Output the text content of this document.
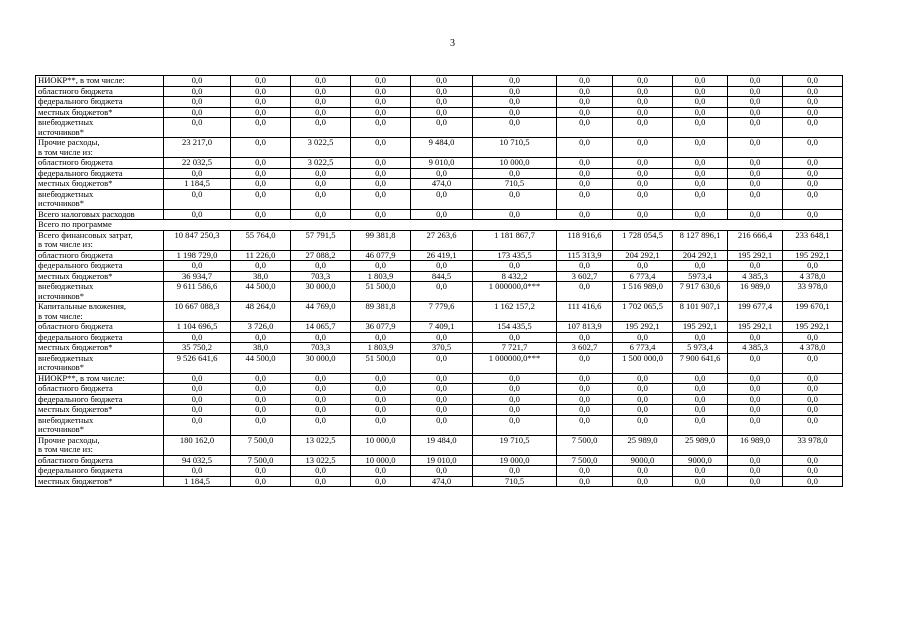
3
НИОКР**, в том числе:	0,0	0,0	0,0	0,0	0,0	0,0	0,0	0,0	0,0	0,0	0,0
областного бюджета	0,0	0,0	0,0	0,0	0,0	0,0	0,0	0,0	0,0	0,0	0,0
федерального бюджета	0,0	0,0	0,0	0,0	0,0	0,0	0,0	0,0	0,0	0,0	0,0
местных бюджетов*	0,0	0,0	0,0	0,0	0,0	0,0	0,0	0,0	0,0	0,0	0,0
внебюджетных
источников*	0,0	0,0	0,0	0,0	0,0	0,0	0,0	0,0	0,0	0,0	0,0
Прочие расходы,
в том числе из:	23 217,0	0,0	3 022,5	0,0	9 484,0	10 710,5	0,0	0,0	0,0	0,0	0,0
областного бюджета	22 032,5	0,0	3 022,5	0,0	9 010,0	10 000,0	0,0	0,0	0,0	0,0	0,0
федерального бюджета	0,0	0,0	0,0	0,0	0,0	0,0	0,0	0,0	0,0	0,0	0,0
местных бюджетов*	1 184,5	0,0	0,0	0,0	474,0	710,5	0,0	0,0	0,0	0,0	0,0
внебюджетных
источников*	0,0	0,0	0,0	0,0	0,0	0,0	0,0	0,0	0,0	0,0	0,0
Всего налоговых расходов	0,0	0,0	0,0	0,0	0,0	0,0	0,0	0,0	0,0	0,0	0,0
Всего по программе											
Всего финансовых затрат,
в том числе из:	10 847 250,3	55 764,0	57 791,5	99 381,8	27 263,6	1 181 867,7	118 916,6	1 728 054,5	8 127 896,1	216 666,4	233 648,1
областного бюджета	1 198 729,0	11 226,0	27 088,2	46 077,9	26 419,1	173 435,5	115 313,9	204 292,1	204 292,1	195 292,1	195 292,1
федерального бюджета	0,0	0,0	0,0	0,0	0,0	0,0	0,0	0,0	0,0	0,0	0,0
местных бюджетов*	36 934,7	38,0	703,3	1 803,9	844,5	8 432,2	3 602,7	6 773,4	5973,4	4 385,3	4 378,0
внебюджетных
источников*	9 611 586,6	44 500,0	30 000,0	51 500,0	0,0	1 000000,0***	0,0	1 516 989,0	7 917 630,6	16 989,0	33 978,0
Капитальные вложения,
в том числе:	10 667 088,3	48 264,0	44 769,0	89 381,8	7 779,6	1 162 157,2	111 416,6	1 702 065,5	8 101 907,1	199 677,4	199 670,1
областного бюджета	1 104 696,5	3 726,0	14 065,7	36 077,9	7 409,1	154 435,5	107 813,9	195 292,1	195 292,1	195 292,1	195 292,1
федерального бюджета	0,0	0,0	0,0	0,0	0,0	0,0	0,0	0,0	0,0	0,0	0,0
местных бюджетов*	35 750,2	38,0	703,3	1 803,9	370,5	7 721,7	3 602,7	6 773,4	5 973,4	4 385,3	4 378,0
внебюджетных
источников*	9 526 641,6	44 500,0	30 000,0	51 500,0	0,0	1 000000,0***	0,0	1 500 000,0	7 900 641,6	0,0	0,0
НИОКР**, в том числе:	0,0	0,0	0,0	0,0	0,0	0,0	0,0	0,0	0,0	0,0	0,0
областного бюджета	0,0	0,0	0,0	0,0	0,0	0,0	0,0	0,0	0,0	0,0	0,0
федерального бюджета	0,0	0,0	0,0	0,0	0,0	0,0	0,0	0,0	0,0	0,0	0,0
местных бюджетов*	0,0	0,0	0,0	0,0	0,0	0,0	0,0	0,0	0,0	0,0	0,0
внебюджетных
источников*	0,0	0,0	0,0	0,0	0,0	0,0	0,0	0,0	0,0	0,0	0,0
Прочие расходы,
в том числе из:	180 162,0	7 500,0	13 022,5	10 000,0	19 484,0	19 710,5	7 500,0	25 989,0	25 989,0	16 989,0	33 978,0
областного бюджета	94 032,5	7 500,0	13 022,5	10 000,0	19 010,0	19 000,0	7 500,0	9000,0	9000,0	0,0	0,0
федерального бюджета	0,0	0,0	0,0	0,0	0,0	0,0	0,0	0,0	0,0	0,0	0,0
местных бюджетов*	1 184,5	0,0	0,0	0,0	474,0	710,5	0,0	0,0	0,0	0,0	0,0
